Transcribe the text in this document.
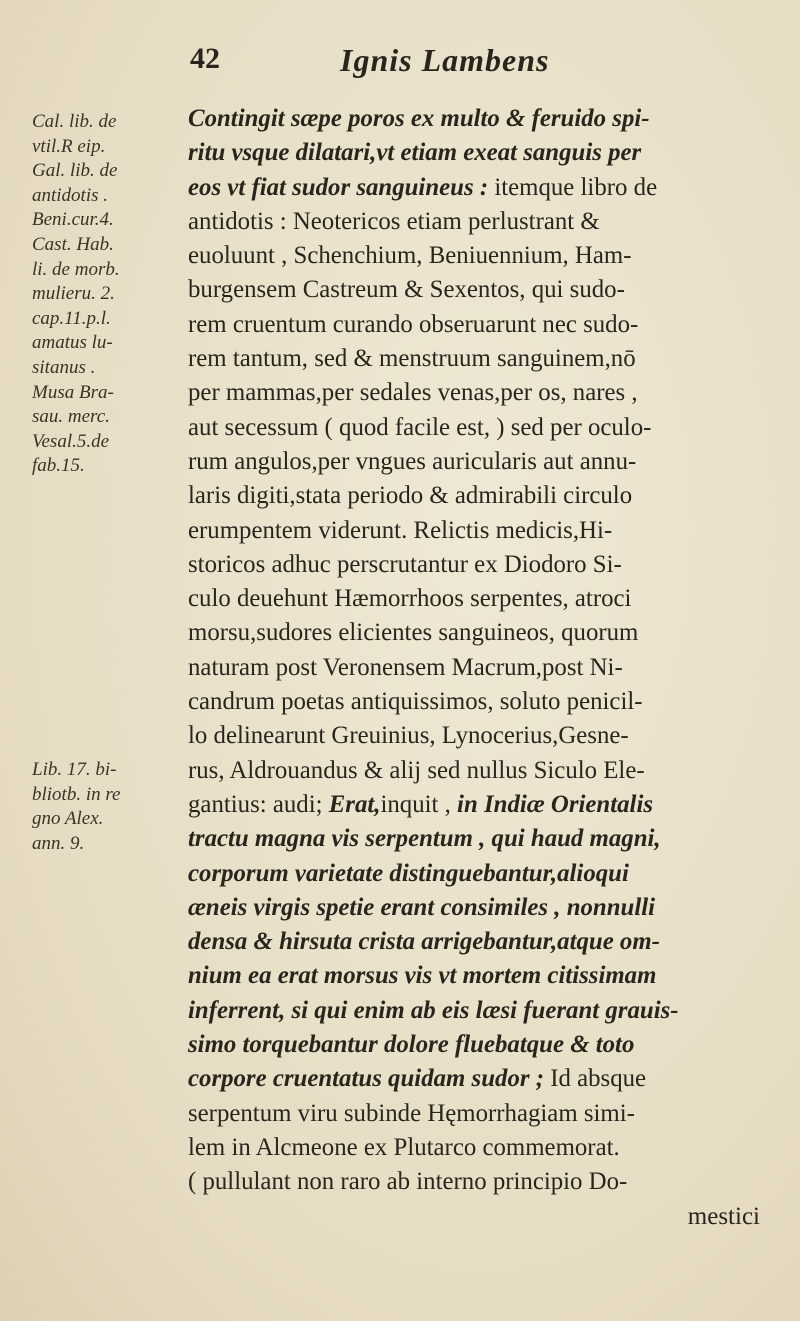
42	Ignis Lambens
Cal. lib. de
vtil.R eip.
Gal. lib. de
antidotis .
Beni.cur.4.
Cast. Hab.
li. de morb.
mulieru. 2.
cap.11.p.l.
amatus lu-
sitanus .
Musa Bra-
sau. merc.
Vesal.5.de
fab.15.
Lib. 17. bi-
bliotb. in re
gno Alex.
ann. 9.
Contingit sæpe poros ex multo & feruido spi-
ritu vsque dilatari,vt etiam exeat sanguis per
eos vt fiat sudor sanguineus : itemque libro de
antidotis : Neotericos etiam perlustrant &
euoluunt , Schenchium, Beniuennium, Ham-
burgensem Castreum & Sexentos, qui sudo-
rem cruentum curando obseruarunt nec sudo-
rem tantum, sed & menstruum sanguinem,nō
per mammas,per sedales venas,per os, nares ,
aut secessum ( quod facile est, ) sed per oculo-
rum angulos,per vngues auricularis aut annu-
laris digiti,stata periodo & admirabili circulo
erumpentem viderunt. Relictis medicis,Hi-
storicos adhuc perscrutantur ex Diodoro Si-
culo deuehunt Hæmorrhoos serpentes, atroci
morsu,sudores elicientes sanguineos, quorum
naturam post Veronensem Macrum,post Ni-
candrum poetas antiquissimos, soluto penicil-
lo delinearunt Greuinius, Lynocerius,Gesne-
rus, Aldrouandus & alij sed nullus Siculo Ele-
gantius: audi; Erat,inquit , in Indiæ Orientalis
tractu magna vis serpentum , qui haud magni,
corporum varietate distinguebantur,alioqui
æneis virgis spetie erant consimiles , nonnulli
densa & hirsuta crista arrigebantur,atque om-
nium ea erat morsus vis vt mortem citissimam
inferrent, si qui enim ab eis læsi fuerant grauis-
simo torquebantur dolore fluebatque & toto
corpore cruentatus quidam sudor ; Id absque
serpentum viru subinde Hęmorrhagiam simi-
lem in Alcmeone ex Plutarco commemorat.
( pullulant non raro ab interno principio Do-
mestici
